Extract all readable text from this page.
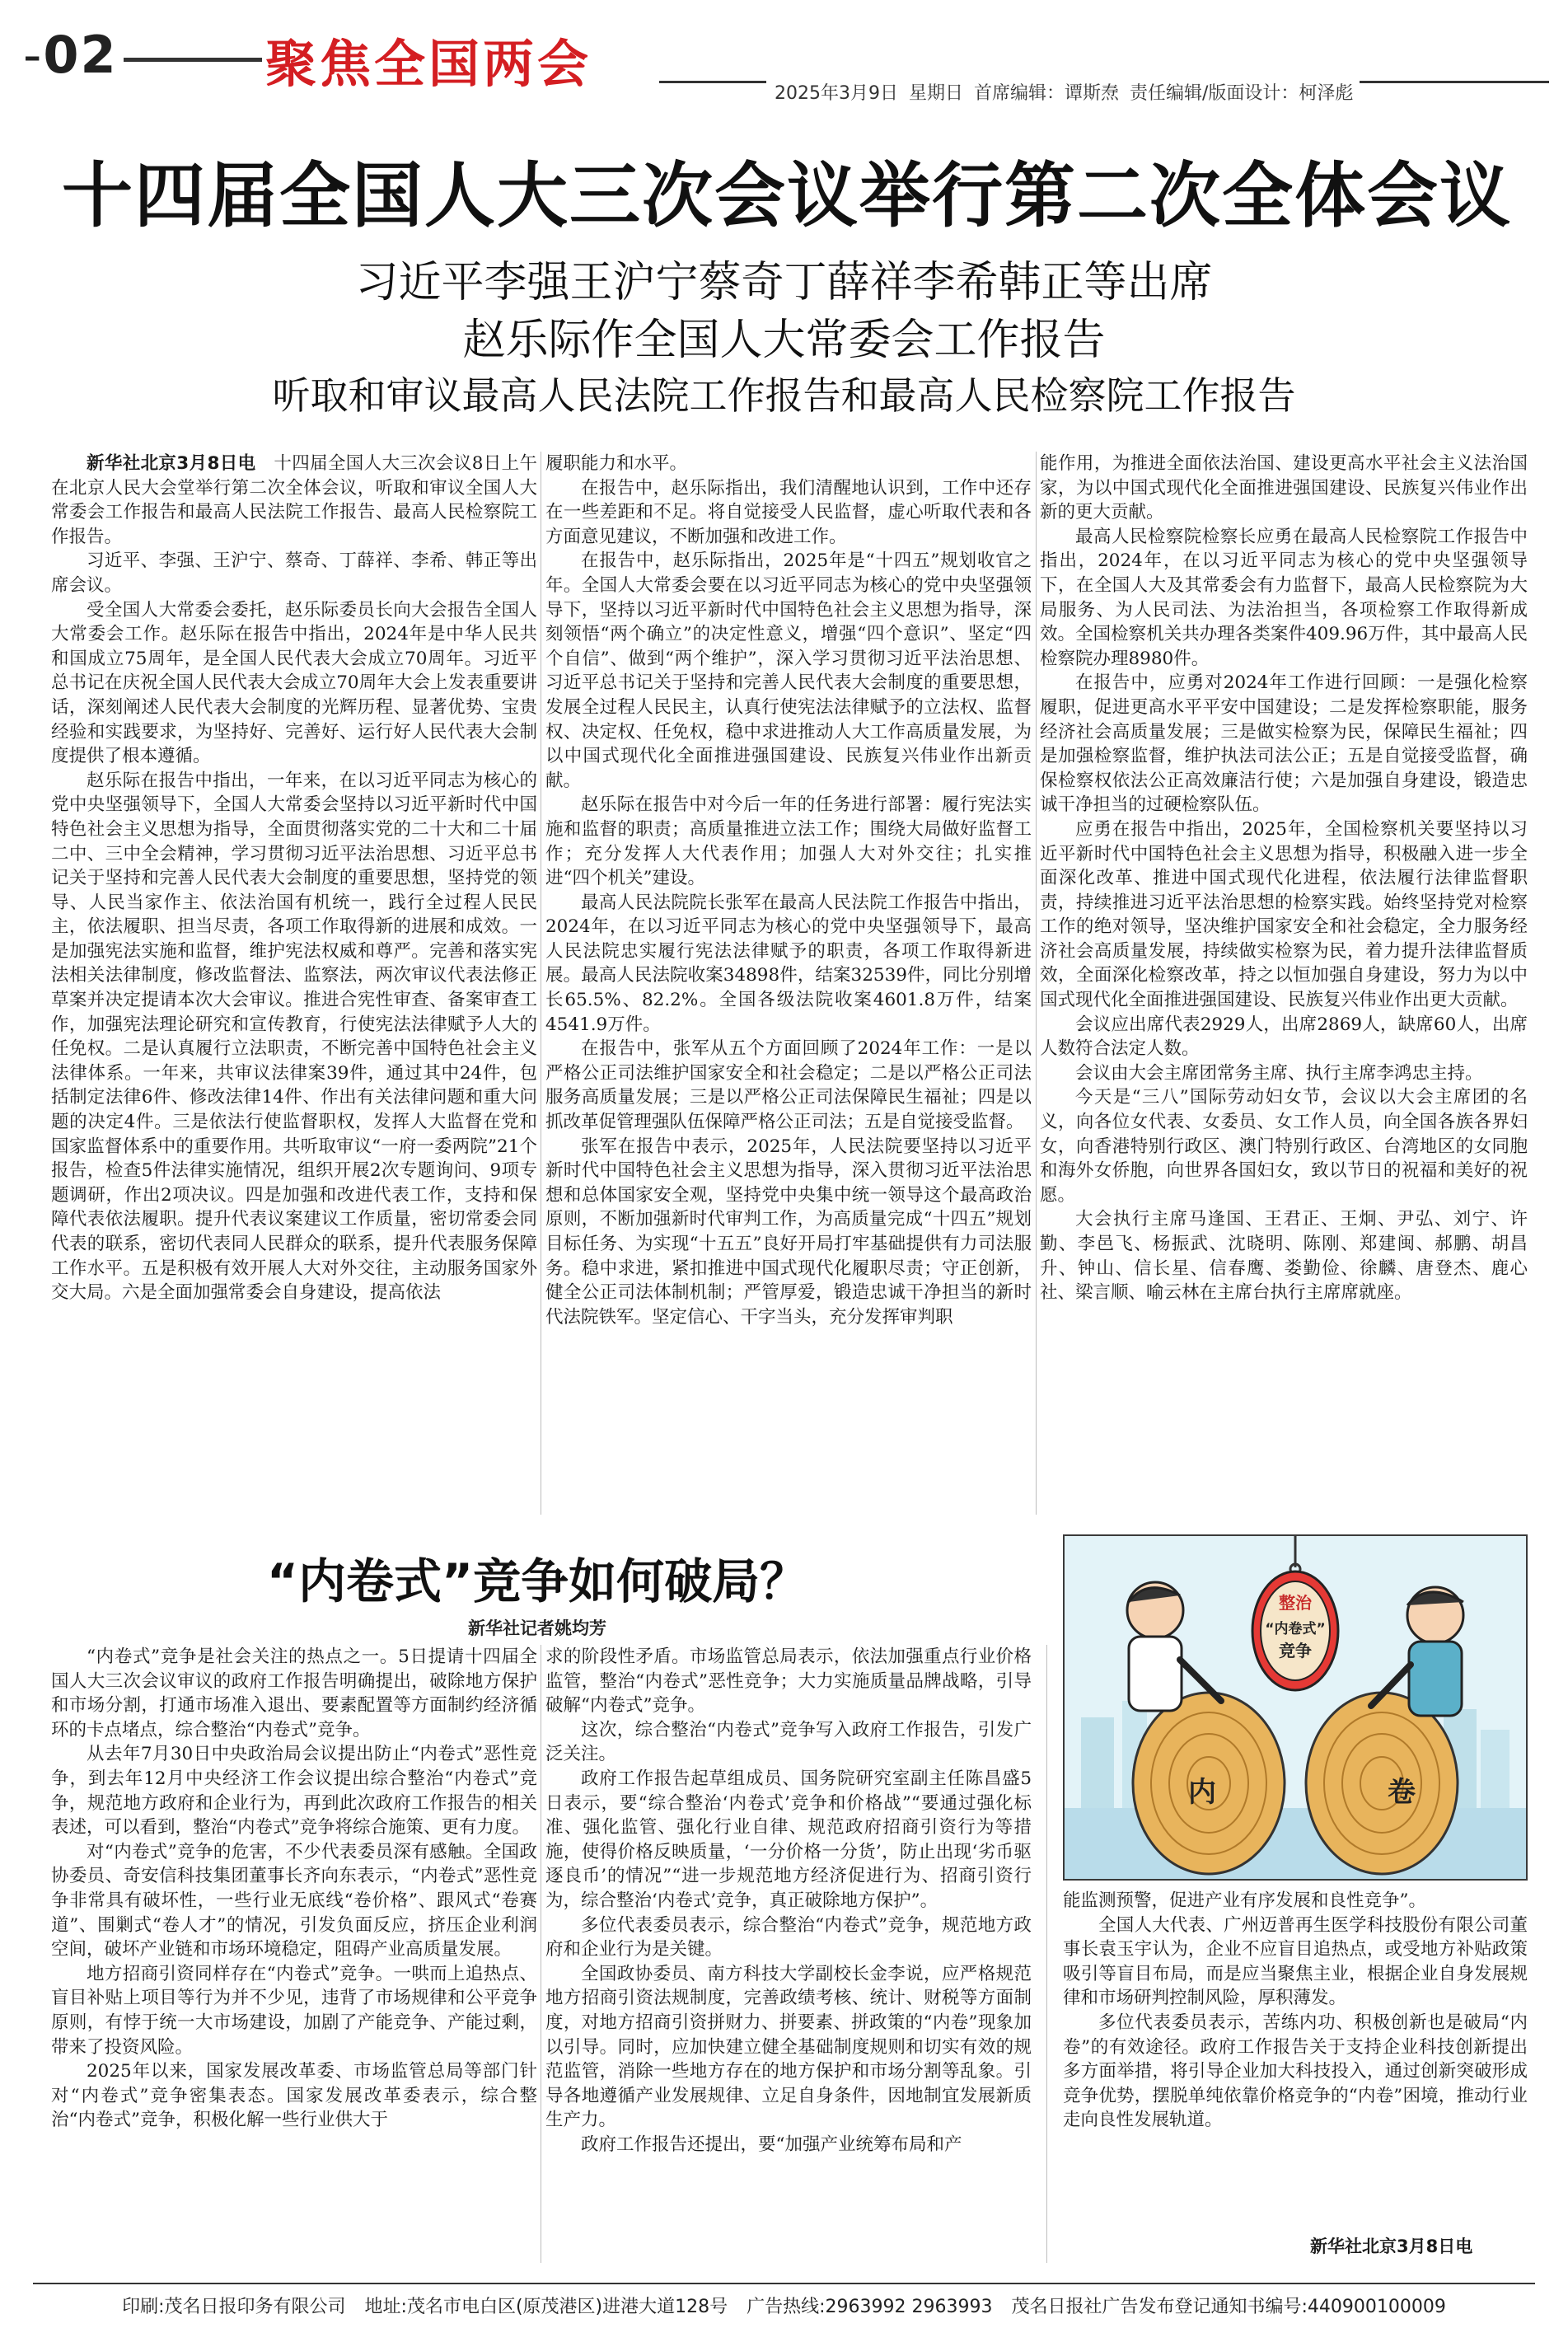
-02	聚焦全国两会	2025年3月9日 星期日 首席编辑：谭斯焘 责任编辑/版面设计：柯泽彪
十四届全国人大三次会议举行第二次全体会议
习近平李强王沪宁蔡奇丁薛祥李希韩正等出席
赵乐际作全国人大常委会工作报告
听取和审议最高人民法院工作报告和最高人民检察院工作报告

新华社北京3月8日电　 十四届全国人大三次会议8日上午在北京人民大会堂举行第二次全体会议，听取和审议全国人大常委会工作报告和最高人民法院工作报告、最高人民检察院工作报告。

习近平、李强、王沪宁、蔡奇、丁薛祥、李希、韩正等出席会议。

受全国人大常委会委托，赵乐际委员长向大会报告全国人大常委会工作。赵乐际在报告中指出，2024年是中华人民共和国成立75周年，是全国人民代表大会成立70周年。习近平总书记在庆祝全国人民代表大会成立70周年大会上发表重要讲话，深刻阐述人民代表大会制度的光辉历程、显著优势、宝贵经验和实践要求，为坚持好、完善好、运行好人民代表大会制度提供了根本遵循。

赵乐际在报告中指出，一年来，在以习近平同志为核心的党中央坚强领导下，全国人大常委会坚持以习近平新时代中国特色社会主义思想为指导，全面贯彻落实党的二十大和二十届二中、三中全会精神，学习贯彻习近平法治思想、习近平总书记关于坚持和完善人民代表大会制度的重要思想，坚持党的领导、人民当家作主、依法治国有机统一，践行全过程人民民主，依法履职、担当尽责，各项工作取得新的进展和成效。一是加强宪法实施和监督，维护宪法权威和尊严。完善和落实宪法相关法律制度，修改监督法、监察法，两次审议代表法修正草案并决定提请本次大会审议。推进合宪性审查、备案审查工作，加强宪法理论研究和宣传教育，行使宪法法律赋予人大的任免权。二是认真履行立法职责，不断完善中国特色社会主义法律体系。一年来，共审议法律案39件，通过其中24件，包括制定法律6件、修改法律14件、作出有关法律问题和重大问题的决定4件。三是依法行使监督职权，发挥人大监督在党和国家监督体系中的重要作用。共听取审议“一府一委两院”21个报告，检查5件法律实施情况，组织开展2次专题询问、9项专题调研，作出2项决议。四是加强和改进代表工作，支持和保障代表依法履职。提升代表议案建议工作质量，密切常委会同代表的联系，密切代表同人民群众的联系，提升代表服务保障工作水平。五是积极有效开展人大对外交往，主动服务国家外交大局。六是全面加强常委会自身建设，提高依法

履职能力和水平。

在报告中，赵乐际指出，我们清醒地认识到，工作中还存在一些差距和不足。将自觉接受人民监督，虚心听取代表和各方面意见建议，不断加强和改进工作。

在报告中，赵乐际指出，2025年是“十四五”规划收官之年。全国人大常委会要在以习近平同志为核心的党中央坚强领导下，坚持以习近平新时代中国特色社会主义思想为指导，深刻领悟“两个确立”的决定性意义，增强“四个意识”、坚定“四个自信”、做到“两个维护”，深入学习贯彻习近平法治思想、习近平总书记关于坚持和完善人民代表大会制度的重要思想，发展全过程人民民主，认真行使宪法法律赋予的立法权、监督权、决定权、任免权，稳中求进推动人大工作高质量发展，为以中国式现代化全面推进强国建设、民族复兴伟业作出新贡献。

赵乐际在报告中对今后一年的任务进行部署：履行宪法实施和监督的职责；高质量推进立法工作；围绕大局做好监督工作；充分发挥人大代表作用；加强人大对外交往；扎实推进“四个机关”建设。

最高人民法院院长张军在最高人民法院工作报告中指出，2024年，在以习近平同志为核心的党中央坚强领导下，最高人民法院忠实履行宪法法律赋予的职责，各项工作取得新进展。最高人民法院收案34898件，结案32539件，同比分别增长65.5%、82.2%。全国各级法院收案4601.8万件，结案4541.9万件。

在报告中，张军从五个方面回顾了2024年工作：一是以严格公正司法维护国家安全和社会稳定；二是以严格公正司法服务高质量发展；三是以严格公正司法保障民生福祉；四是以抓改革促管理强队伍保障严格公正司法；五是自觉接受监督。

张军在报告中表示，2025年，人民法院要坚持以习近平新时代中国特色社会主义思想为指导，深入贯彻习近平法治思想和总体国家安全观，坚持党中央集中统一领导这个最高政治原则，不断加强新时代审判工作，为高质量完成“十四五”规划目标任务、为实现“十五五”良好开局打牢基础提供有力司法服务。稳中求进，紧扣推进中国式现代化履职尽责；守正创新，健全公正司法体制机制；严管厚爱，锻造忠诚干净担当的新时代法院铁军。坚定信心、干字当头，充分发挥审判职

能作用，为推进全面依法治国、建设更高水平社会主义法治国家，为以中国式现代化全面推进强国建设、民族复兴伟业作出新的更大贡献。

最高人民检察院检察长应勇在最高人民检察院工作报告中指出，2024年，在以习近平同志为核心的党中央坚强领导下，在全国人大及其常委会有力监督下，最高人民检察院为大局服务、为人民司法、为法治担当，各项检察工作取得新成效。全国检察机关共办理各类案件409.96万件，其中最高人民检察院办理8980件。

在报告中，应勇对2024年工作进行回顾：一是强化检察履职，促进更高水平平安中国建设；二是发挥检察职能，服务经济社会高质量发展；三是做实检察为民，保障民生福祉；四是加强检察监督，维护执法司法公正；五是自觉接受监督，确保检察权依法公正高效廉洁行使；六是加强自身建设，锻造忠诚干净担当的过硬检察队伍。

应勇在报告中指出，2025年，全国检察机关要坚持以习近平新时代中国特色社会主义思想为指导，积极融入进一步全面深化改革、推进中国式现代化进程，依法履行法律监督职责，持续推进习近平法治思想的检察实践。始终坚持党对检察工作的绝对领导，坚决维护国家安全和社会稳定，全力服务经济社会高质量发展，持续做实检察为民，着力提升法律监督质效，全面深化检察改革，持之以恒加强自身建设，努力为以中国式现代化全面推进强国建设、民族复兴伟业作出更大贡献。

会议应出席代表2929人，出席2869人，缺席60人，出席人数符合法定人数。

会议由大会主席团常务主席、执行主席李鸿忠主持。

今天是“三八”国际劳动妇女节，会议以大会主席团的名义，向各位女代表、女委员、女工作人员，向全国各族各界妇女，向香港特别行政区、澳门特别行政区、台湾地区的女同胞和海外女侨胞，向世界各国妇女，致以节日的祝福和美好的祝愿。

大会执行主席马逢国、王君正、王炯、尹弘、刘宁、许勤、李邑飞、杨振武、沈晓明、陈刚、郑建闽、郝鹏、胡昌升、钟山、信长星、信春鹰、娄勤俭、徐麟、唐登杰、鹿心社、梁言顺、喻云林在主席台执行主席席就座。

“内卷式”竞争如何破局？
新华社记者姚均芳

“内卷式”竞争是社会关注的热点之一。5日提请十四届全国人大三次会议审议的政府工作报告明确提出，破除地方保护和市场分割，打通市场准入退出、要素配置等方面制约经济循环的卡点堵点，综合整治“内卷式”竞争。

从去年7月30日中央政治局会议提出防止“内卷式”恶性竞争，到去年12月中央经济工作会议提出综合整治“内卷式”竞争，规范地方政府和企业行为，再到此次政府工作报告的相关表述，可以看到，整治“内卷式”竞争将综合施策、更有力度。

对“内卷式”竞争的危害，不少代表委员深有感触。全国政协委员、奇安信科技集团董事长齐向东表示，“内卷式”恶性竞争非常具有破坏性，一些行业无底线“卷价格”、跟风式“卷赛道”、围剿式“卷人才”的情况，引发负面反应，挤压企业利润空间，破坏产业链和市场环境稳定，阻碍产业高质量发展。

地方招商引资同样存在“内卷式”竞争。一哄而上追热点、盲目补贴上项目等行为并不少见，违背了市场规律和公平竞争原则，有悖于统一大市场建设，加剧了产能竞争、产能过剩，带来了投资风险。

2025年以来，国家发展改革委、市场监管总局等部门针对“内卷式”竞争密集表态。国家发展改革委表示，综合整治“内卷式”竞争，积极化解一些行业供大于

求的阶段性矛盾。市场监管总局表示，依法加强重点行业价格监管，整治“内卷式”恶性竞争；大力实施质量品牌战略，引导破解“内卷式”竞争。

这次，综合整治“内卷式”竞争写入政府工作报告，引发广泛关注。

政府工作报告起草组成员、国务院研究室副主任陈昌盛5日表示，要“综合整治‘内卷式’竞争和价格战”“要通过强化标准、强化监管、强化行业自律、规范政府招商引资行为等措施，使得价格反映质量，‘一分价格一分货’，防止出现‘劣币驱逐良币’的情况”“进一步规范地方经济促进行为、招商引资行为，综合整治‘内卷式’竞争，真正破除地方保护”。

多位代表委员表示，综合整治“内卷式”竞争，规范地方政府和企业行为是关键。

全国政协委员、南方科技大学副校长金李说，应严格规范地方招商引资法规制度，完善政绩考核、统计、财税等方面制度，对地方招商引资拼财力、拼要素、拼政策的“内卷”现象加以引导。同时，应加快建立健全基础制度规则和切实有效的规范监管，消除一些地方存在的地方保护和市场分割等乱象。引导各地遵循产业发展规律、立足自身条件，因地制宜发展新质生产力。

政府工作报告还提出，要“加强产业统筹布局和产

整治
“内卷式”
竞争
内	卷

能监测预警，促进产业有序发展和良性竞争”。

全国人大代表、广州迈普再生医学科技股份有限公司董事长袁玉宇认为，企业不应盲目追热点，或受地方补贴政策吸引等盲目布局，而是应当聚焦主业，根据企业自身发展规律和市场研判控制风险，厚积薄发。

多位代表委员表示，苦练内功、积极创新也是破局“内卷”的有效途径。政府工作报告关于支持企业科技创新提出多方面举措，将引导企业加大科技投入，通过创新突破形成竞争优势，摆脱单纯依靠价格竞争的“内卷”困境，推动行业走向良性发展轨道。

新华社北京3月8日电
印刷:茂名日报印务有限公司 地址:茂名市电白区(原茂港区)进港大道128号 广告热线:2963992 2963993 茂名日报社广告发布登记通知书编号:440900100009
